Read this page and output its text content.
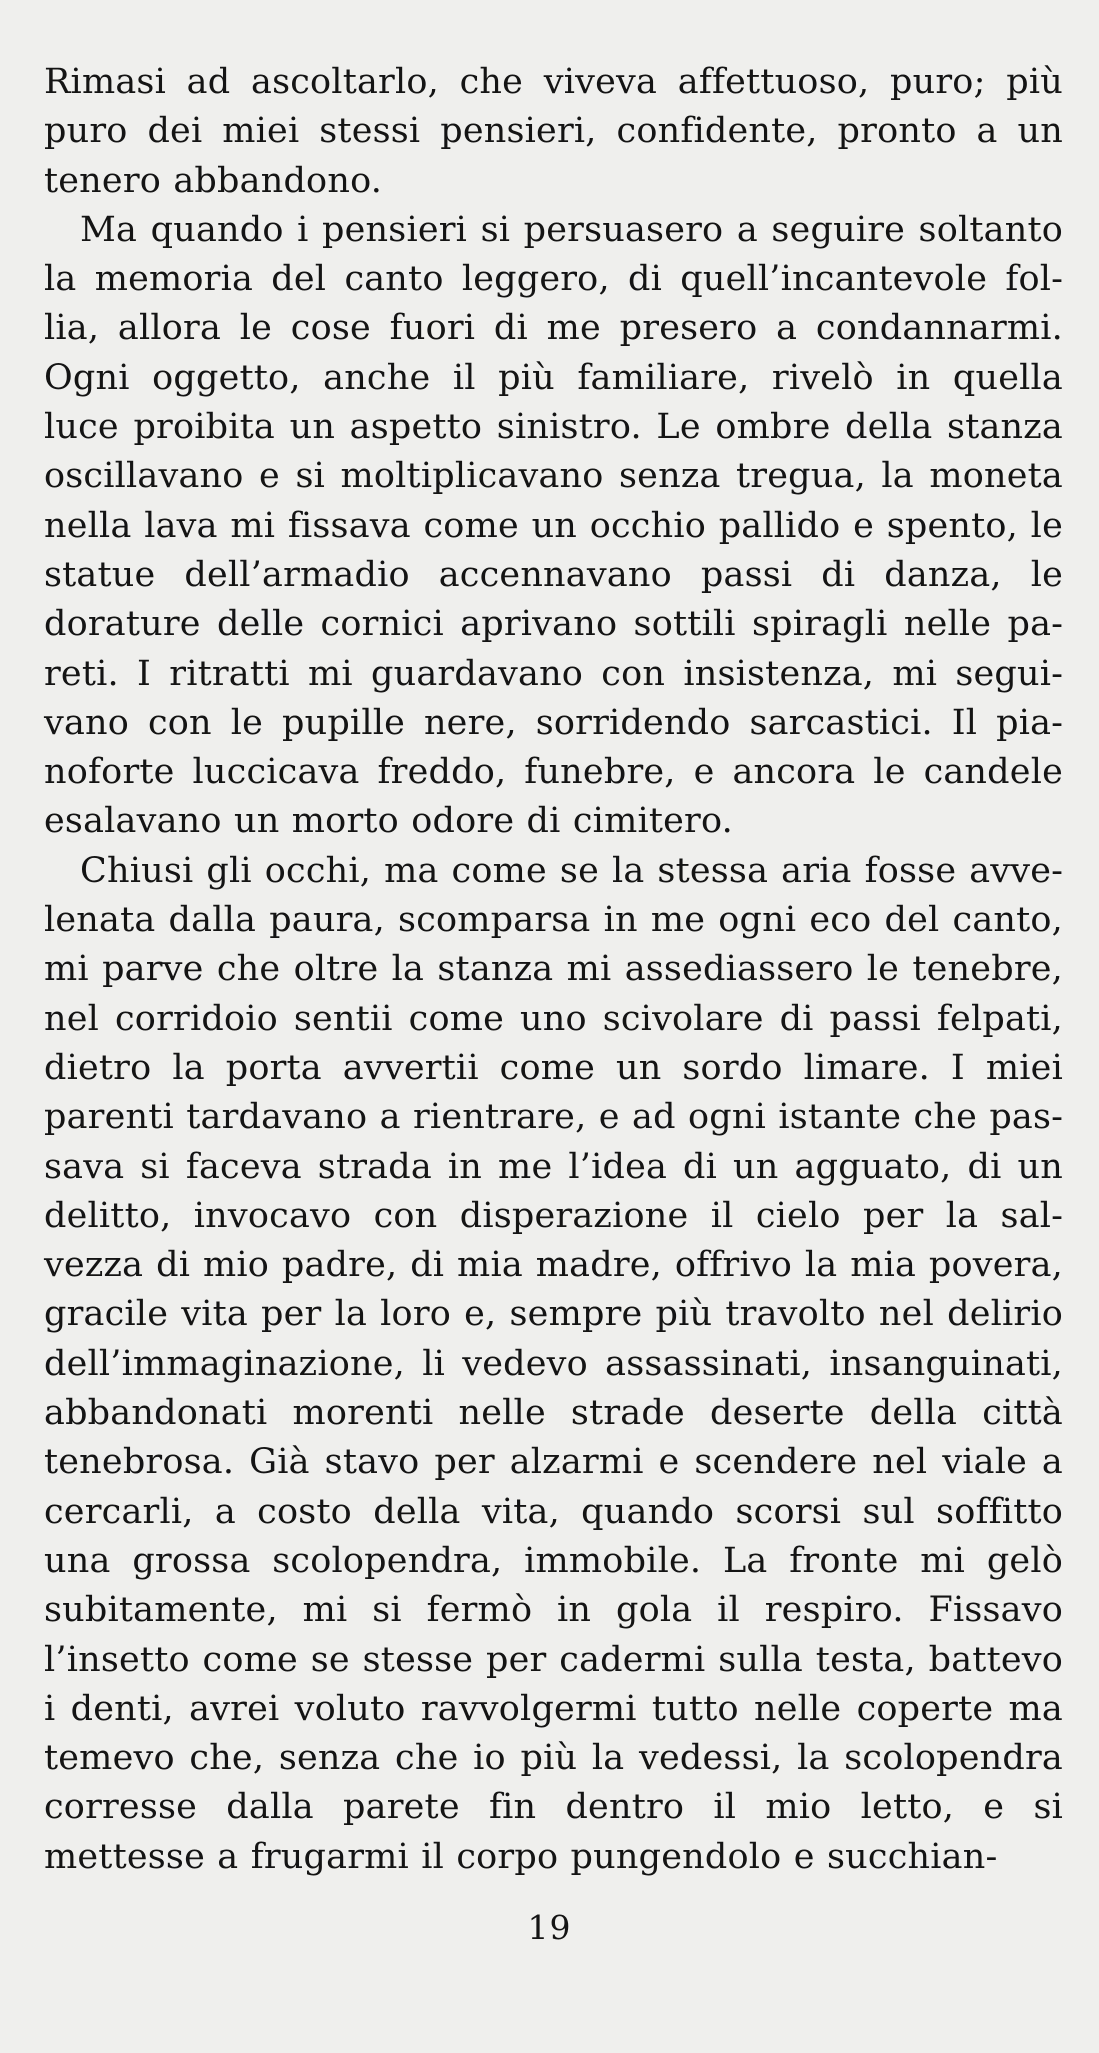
Rimasi ad ascoltarlo, che viveva affettuoso, puro; più puro dei miei stessi pensieri, confidente, pronto a un tenero abbandono.

Ma quando i pensieri si persuasero a seguire soltanto la memoria del canto leggero, di quell’incantevole follia, allora le cose fuori di me presero a condannarmi. Ogni oggetto, anche il più familiare, rivelò in quella luce proibita un aspetto sinistro. Le ombre della stanza oscillavano e si moltiplicavano senza tregua, la moneta nella lava mi fissava come un occhio pallido e spento, le statue dell’armadio accennavano passi di danza, le dorature delle cornici aprivano sottili spiragli nelle pareti. I ritratti mi guardavano con insistenza, mi seguivano con le pupille nere, sorridendo sarcastici. Il pianoforte luccicava freddo, funebre, e ancora le candele esalavano un morto odore di cimitero.

Chiusi gli occhi, ma come se la stessa aria fosse avvelenata dalla paura, scomparsa in me ogni eco del canto, mi parve che oltre la stanza mi assediassero le tenebre, nel corridoio sentii come uno scivolare di passi felpati, dietro la porta avvertii come un sordo limare. I miei parenti tardavano a rientrare, e ad ogni istante che passava si faceva strada in me l’idea di un agguato, di un delitto, invocavo con disperazione il cielo per la salvezza di mio padre, di mia madre, offrivo la mia povera, gracile vita per la loro e, sempre più travolto nel delirio dell’immaginazione, li vedevo assassinati, insanguinati, abbandonati morenti nelle strade deserte della città tenebrosa. Già stavo per alzarmi e scendere nel viale a cercarli, a costo della vita, quando scorsi sul soffitto una grossa scolopendra, immobile. La fronte mi gelò subitamente, mi si fermò in gola il respiro. Fissavo l’insetto come se stesse per cadermi sulla testa, battevo i denti, avrei voluto ravvolgermi tutto nelle coperte ma temevo che, senza che io più la vedessi, la scolopendra corresse dalla parete fin dentro il mio letto, e si mettesse a frugarmi il corpo pungendolo e succhian-

19
